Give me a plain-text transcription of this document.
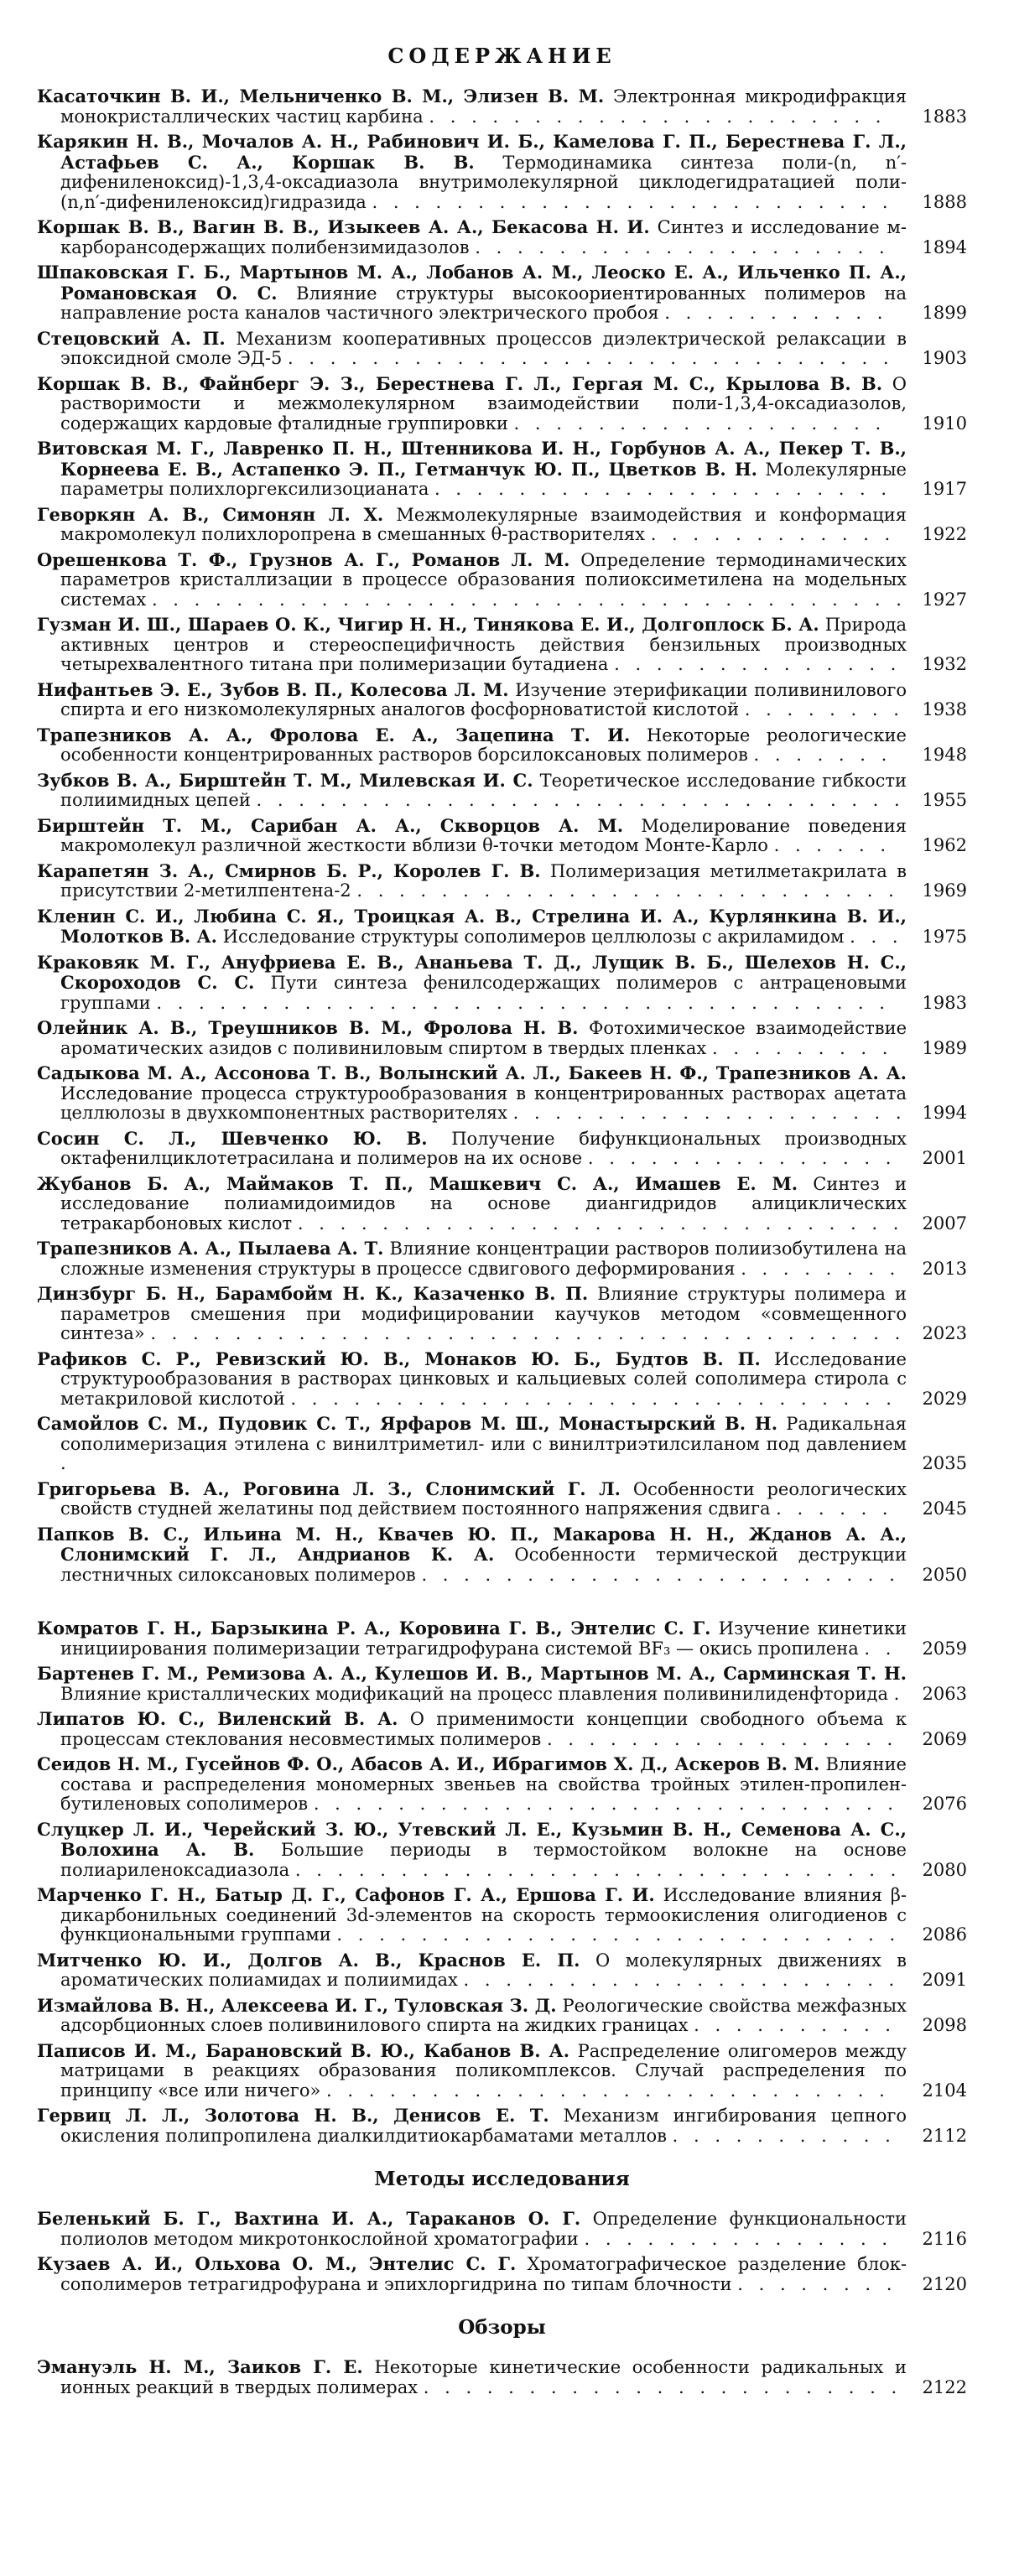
СОДЕРЖАНИЕ
Касаточкин В. И., Мельниченко В. М., Элизен В. М. Электронная микродифракция монокристаллических частиц карбина . . . . . . . . . . . . . . . . . . . . . .	1883
Карякин Н. В., Мочалов А. Н., Рабинович И. Б., Камелова Г. П., Берестнева Г. Л., Астафьев С. А., Коршак В. В. Термодинамика синтеза поли-(n, n′-дифениленоксид)-1,3,4-оксадиазола внутримолекулярной циклодегидратацией поли-(n,n′-дифениленоксид)гидразида . . . . . . . . . . . . . . . . . . . . . . . . .	1888
Коршак В. В., Вагин В. В., Изыкеев А. А., Бекасова Н. И. Синтез и исследование м-карборансодержащих полибензимидазолов . . . . . . . . . . . . . . . . . . . .	1894
Шпаковская Г. Б., Мартынов М. А., Лобанов А. М., Леоско Е. А., Ильченко П. А., Романовская О. С. Влияние структуры высокоориентированных полимеров на направление роста каналов частичного электрического пробоя . . . . . . . . . . .	1899
Стецовский А. П. Механизм кооперативных процессов диэлектрической релаксации в эпоксидной смоле ЭД-5 . . . . . . . . . . . . . . . . . . . . . . . . . . . . .	1903
Коршак В. В., Файнберг Э. З., Берестнева Г. Л., Гергая М. С., Крылова В. В. О растворимости и межмолекулярном взаимодействии поли-1,3,4-оксадиазолов, содержащих кардовые фталидные группировки . . . . . . . . . . . . . . . . . .	1910
Витовская М. Г., Лавренко П. Н., Штенникова И. Н., Горбунов А. А., Пекер Т. В., Корнеева Е. В., Астапенко Э. П., Гетманчук Ю. П., Цветков В. Н. Молекулярные параметры полихлоргексилизоцианата . . . . . . . . . . . . . . . . . . . . . .	1917
Геворкян А. В., Симонян Л. Х. Межмолекулярные взаимодействия и конформация макромолекул полихлоропрена в смешанных θ-растворителях . . . . . . . . . . . .	1922
Орешенкова Т. Ф., Грузнов А. Г., Романов Л. М. Определение термодинамических параметров кристаллизации в процессе образования полиоксиметилена на модельных системах . . . . . . . . . . . . . . . . . . . . . . . . . . . . . . . . . . . . 1927
Гузман И. Ш., Шараев О. К., Чигир Н. Н., Тинякова Е. И., Долгоплоск Б. А. Природа активных центров и стереоспецифичность действия бензильных производных четырехвалентного титана при полимеризации бутадиена . . . . . . . . . . . . . .	1932
Нифантьев Э. Е., Зубов В. П., Колесова Л. М. Изучение этерификации поливинилового спирта и его низкомолекулярных аналогов фосфорноватистой кислотой . . . . . . . .	1938
Трапезников А. А., Фролова Е. А., Зацепина Т. И. Некоторые реологические особенности концентрированных растворов борсилоксановых полимеров . . . . . . .	1948
Зубков В. А., Бирштейн Т. М., Милевская И. С. Теоретическое исследование гибкости полиимидных цепей . . . . . . . . . . . . . . . . . . . . . . . . . . . . . . . 1955
Бирштейн Т. М., Сарибан А. А., Скворцов А. М. Моделирование поведения макромолекул различной жесткости вблизи θ-точки методом Монте-Карло . . . . . .	1962
Карапетян З. А., Смирнов Б. Р., Королев Г. В. Полимеризация метилметакрилата в присутствии 2-метилпентена-2 . . . . . . . . . . . . . . . . . . . . . . . . . .	1969
Кленин С. И., Любина С. Я., Троицкая А. В., Стрелина И. А., Курлянкина В. И., Молотков В. А. Исследование структуры сополимеров целлюлозы с акриламидом . . .	1975
Краковяк М. Г., Ануфриева Е. В., Ананьева Т. Д., Лущик В. Б., Шелехов Н. С., Скороходов С. С. Пути синтеза фенилсодержащих полимеров с антраценовыми группами . . . . . . . . . . . . . . . . . . . . . . . . . . . . . . . . . . .	1983
Олейник А. В., Треушников В. М., Фролова Н. В. Фотохимическое взаимодействие ароматических азидов с поливиниловым спиртом в твердых пленках . . . . . . . . .	1989
Садыкова М. А., Ассонова Т. В., Волынский А. Л., Бакеев Н. Ф., Трапезников А. А. Исследование процесса структурообразования в концентрированных растворах ацетата целлюлозы в двухкомпонентных растворителях . . . . . . . . . . . . . . . . . . . 1994
Сосин С. Л., Шевченко Ю. В. Получение бифункциональных производных октафенилциклотетрасилана и полимеров на их основе . . . . . . . . . . . . . . .	2001
Жубанов Б. А., Маймаков Т. П., Машкевич С. А., Имашев Е. М. Синтез и исследование полиамидоимидов на основе диангидридов алициклических тетракарбоновых кислот . . . . . . . . . . . . . . . . . . . . . . . . . . . . .	2007
Трапезников А. А., Пылаева А. Т. Влияние концентрации растворов полиизобутилена на сложные изменения структуры в процессе сдвигового деформирования . . . . . . . .	2013
Динзбург Б. Н., Барамбойм Н. К., Казаченко В. П. Влияние структуры полимера и параметров смешения при модифицировании каучуков методом «совмещенного синтеза» . . . . . . . . . . . . . . . . . . . . . . . . . . . . . . . . . . . . 2023
Рафиков С. Р., Ревизский Ю. В., Монаков Ю. Б., Будтов В. П. Исследование структурообразования в растворах цинковых и кальциевых солей сополимера стирола с метакриловой кислотой . . . . . . . . . . . . . . . . . . . . . . . . . . . . .	2029
Самойлов С. М., Пудовик С. Т., Ярфаров М. Ш., Монастырский В. Н. Радикальная сополимеризация этилена с винилтриметил- или с винилтриэтилсиланом под давлением .	2035
Григорьева В. А., Роговина Л. З., Слонимский Г. Л. Особенности реологических свойств студней желатины под действием постоянного напряжения сдвига . . . . . .	2045
Папков В. С., Ильина М. Н., Квачев Ю. П., Макарова Н. Н., Жданов А. А., Слонимский Г. Л., Андрианов К. А. Особенности термической деструкции лестничных силоксановых полимеров . . . . . . . . . . . . . . . . . . . . . . .	2050
Комратов Г. Н., Барзыкина Р. А., Коровина Г. В., Энтелис С. Г. Изучение кинетики инициирования полимеризации тетрагидрофурана системой BF₃ — окись пропилена . .	2059
Бартенев Г. М., Ремизова А. А., Кулешов И. В., Мартынов М. А., Сарминская Т. Н. Влияние кристаллических модификаций на процесс плавления поливинилиденфторида .	2063
Липатов Ю. С., Виленский В. А. О применимости концепции свободного объема к процессам стеклования несовместимых полимеров . . . . . . . . . . . . . . . . .	2069
Сеидов Н. М., Гусейнов Ф. О., Абасов А. И., Ибрагимов Х. Д., Аскеров В. М. Влияние состава и распределения мономерных звеньев на свойства тройных этилен-пропилен-бутиленовых сополимеров . . . . . . . . . . . . . . . . . . . . . . . . . . . .	2076
Слуцкер Л. И., Черейский З. Ю., Утевский Л. Е., Кузьмин В. Н., Семенова А. С., Волохина А. В. Большие периоды в термостойком волокне на основе полиариленоксадиазола . . . . . . . . . . . . . . . . . . . . . . . . . . . . .	2080
Марченко Г. Н., Батыр Д. Г., Сафонов Г. А., Ершова Г. И. Исследование влияния β-дикарбонильных соединений 3d-элементов на скорость термоокисления олигодиенов с функциональными группами . . . . . . . . . . . . . . . . . . . . . . . . . . .	2086
Митченко Ю. И., Долгов А. В., Краснов Е. П. О молекулярных движениях в ароматических полиамидах и полиимидах . . . . . . . . . . . . . . . . . . . . .	2091
Измайлова В. Н., Алексеева И. Г., Туловская З. Д. Реологические свойства межфазных адсорбционных слоев поливинилового спирта на жидких границах . . . . . . . . . .	2098
Паписов И. М., Барановский В. Ю., Кабанов В. А. Распределение олигомеров между матрицами в реакциях образования поликомплексов. Случай распределения по принципу «все или ничего» . . . . . . . . . . . . . . . . . . . . . . . . . . .	2104
Гервиц Л. Л., Золотова Н. В., Денисов Е. Т. Механизм ингибирования цепного окисления полипропилена диалкилдитиокарбаматами металлов . . . . . . . . . . .	2112
Методы исследования
Беленький Б. Г., Вахтина И. А., Тараканов О. Г. Определение функциональности полиолов методом микротонкослойной хроматографии . . . . . . . . . . . . . . .	2116
Кузаев А. И., Ольхова О. М., Энтелис С. Г. Хроматографическое разделение блок-сополимеров тетрагидрофурана и эпихлоргидрина по типам блочности . . . . . . . .	2120
Обзоры
Эмануэль Н. М., Заиков Г. Е. Некоторые кинетические особенности радикальных и ионных реакций в твердых полимерах . . . . . . . . . . . . . . . . . . . . . . .	2122
